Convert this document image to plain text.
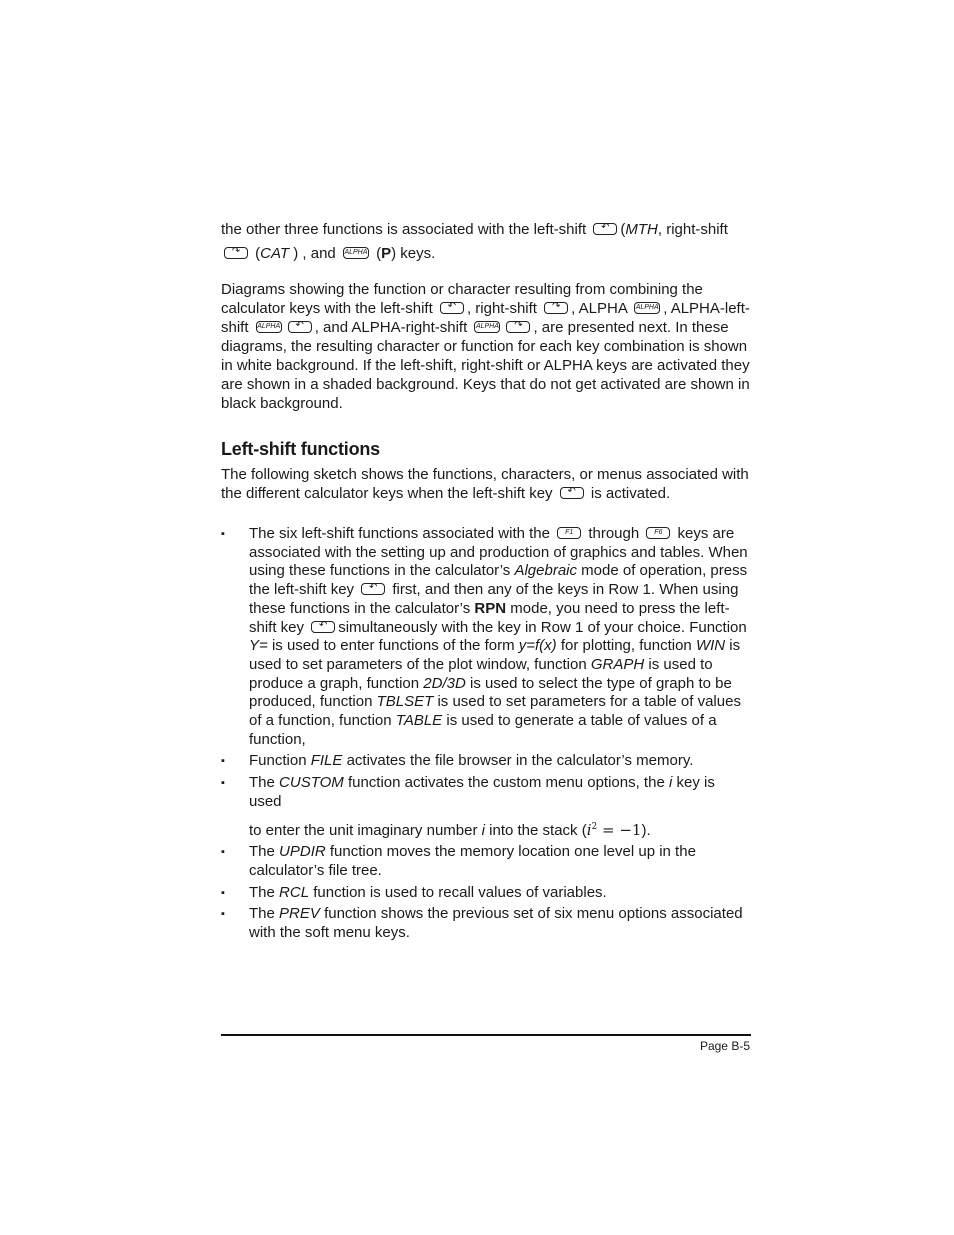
the other three functions is associated with the left-shift	↶ (MTH, right-shift
↷ (CAT ) , and ALPHA (P) keys.

Diagrams showing the function or character resulting from combining the calculator keys with the left-shift	↶ , right-shift	↷ , ALPHA ALPHA , ALPHA-left-shift ALPHA	↶ , and ALPHA-right-shift ALPHA	↷ , are presented next. In these diagrams, the resulting character or function for each key combination is shown in white background. If the left-shift, right-shift or ALPHA keys are activated they are shown in a shaded background. Keys that do not get activated are shown in black background.

Left-shift functions

The following sketch shows the functions, characters, or menus associated with the different calculator keys when the left-shift key	↶ is activated.

▪ The six left-shift functions associated with the	F1	through	F6	keys are associated with the setting up and production of graphics and tables. When using these functions in the calculator’s Algebraic mode of operation, press the left-shift key	↶ first, and then any of the keys in Row 1. When using these functions in the calculator’s RPN mode, you need to press the left-shift key	↶ simultaneously with the key in Row 1 of your choice. Function Y= is used to enter functions of the form y=f(x) for plotting, function WIN is used to set parameters of the plot window, function GRAPH is used to produce a graph, function 2D/3D is used to select the type of graph to be produced, function TBLSET is used to set parameters for a table of values of a function, function TABLE is used to generate a table of values of a function,
▪ Function FILE activates the file browser in the calculator’s memory.
▪ The CUSTOM function activates the custom menu options, the i key is used
to enter the unit imaginary number i into the stack $(i^2 = -1)$.
▪ The UPDIR function moves the memory location one level up in the calculator’s file tree.
▪ The RCL function is used to recall values of variables.
▪ The PREV function shows the previous set of six menu options associated with the soft menu keys.
Page B-5
